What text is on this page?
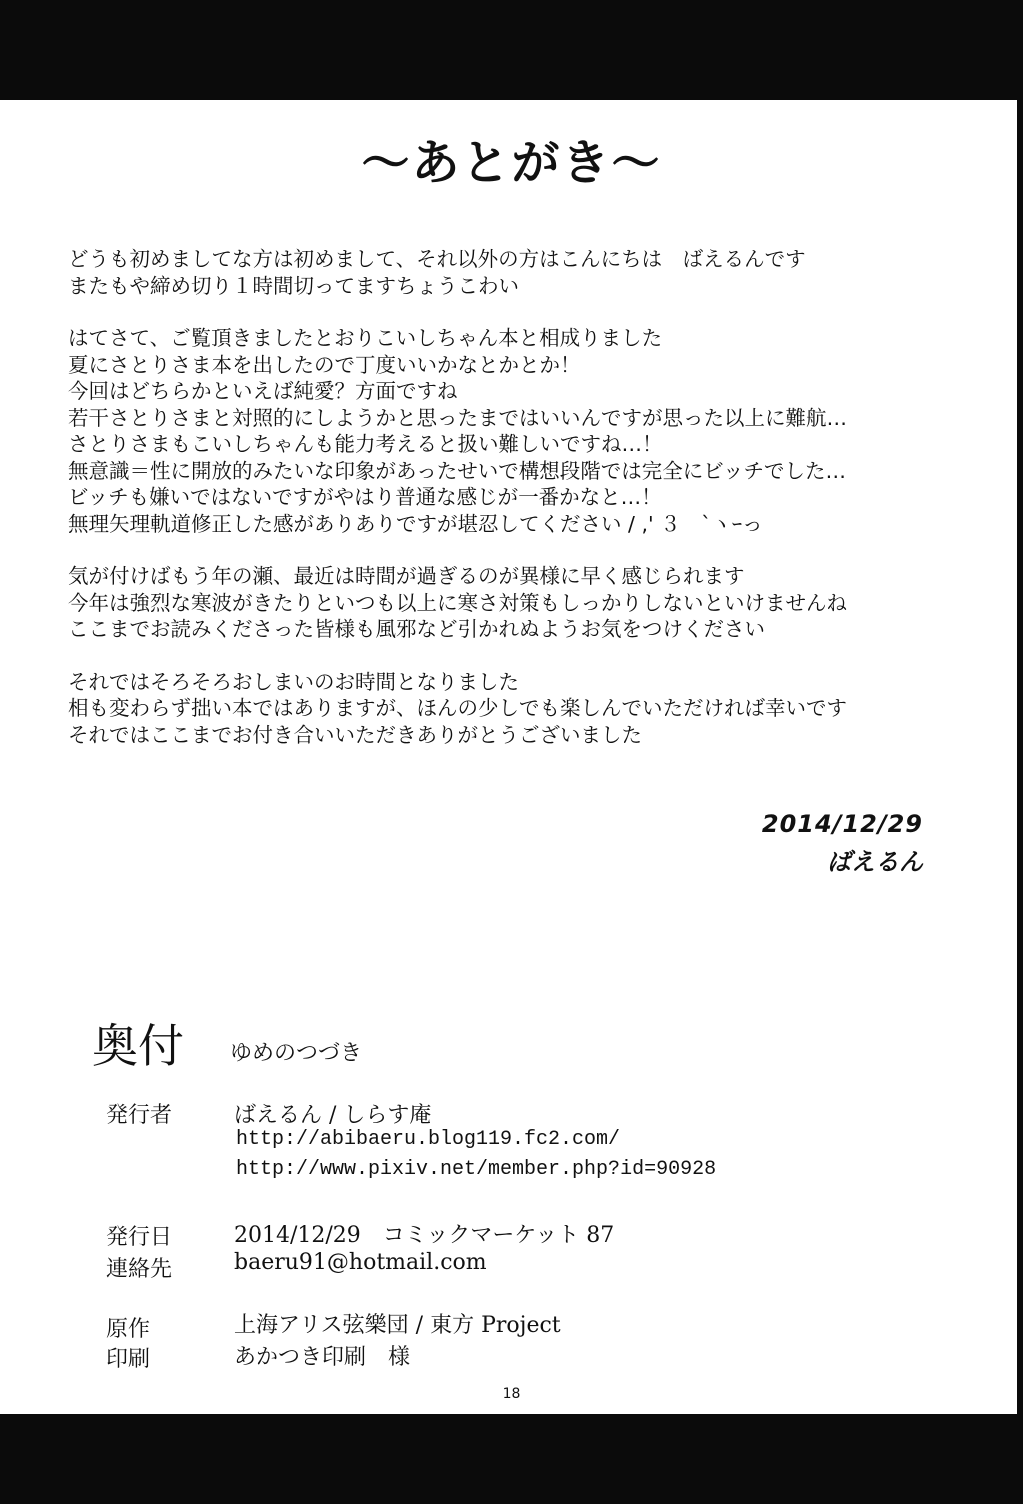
〜あとがき〜
どうも初めましてな方は初めまして、それ以外の方はこんにちは　ばえるんです
またもや締め切り１時間切ってますちょうこわい
はてさて、ご覧頂きましたとおりこいしちゃん本と相成りました
夏にさとりさま本を出したので丁度いいかなとかとか！
今回はどちらかといえば純愛？方面ですね
若干さとりさまと対照的にしようかと思ったまではいいんですが思った以上に難航…
さとりさまもこいしちゃんも能力考えると扱い難しいですね…！
無意識＝性に開放的みたいな印象があったせいで構想段階では完全にビッチでした…
ビッチも嫌いではないですがやはり普通な感じが一番かなと…！
無理矢理軌道修正した感がありありですが堪忍してください / ,' ３　`ヽｰっ
気が付けばもう年の瀬、最近は時間が過ぎるのが異様に早く感じられます
今年は強烈な寒波がきたりといつも以上に寒さ対策もしっかりしないといけませんね
ここまでお読みくださった皆様も風邪など引かれぬようお気をつけください
それではそろそろおしまいのお時間となりました
相も変わらず拙い本ではありますが、ほんの少しでも楽しんでいただければ幸いです
それではここまでお付き合いいただきありがとうございました
2014/12/29
ばえるん
奥付 ゆめのつづき
発行者	ばえるん / しらす庵
http://abibaeru.blog119.fc2.com/
http://www.pixiv.net/member.php?id=90928
発行日	2014/12/29　コミックマーケット 87
連絡先	baeru91@hotmail.com
原作	上海アリス弦樂団 / 東方 Project
印刷	あかつき印刷　様
18
